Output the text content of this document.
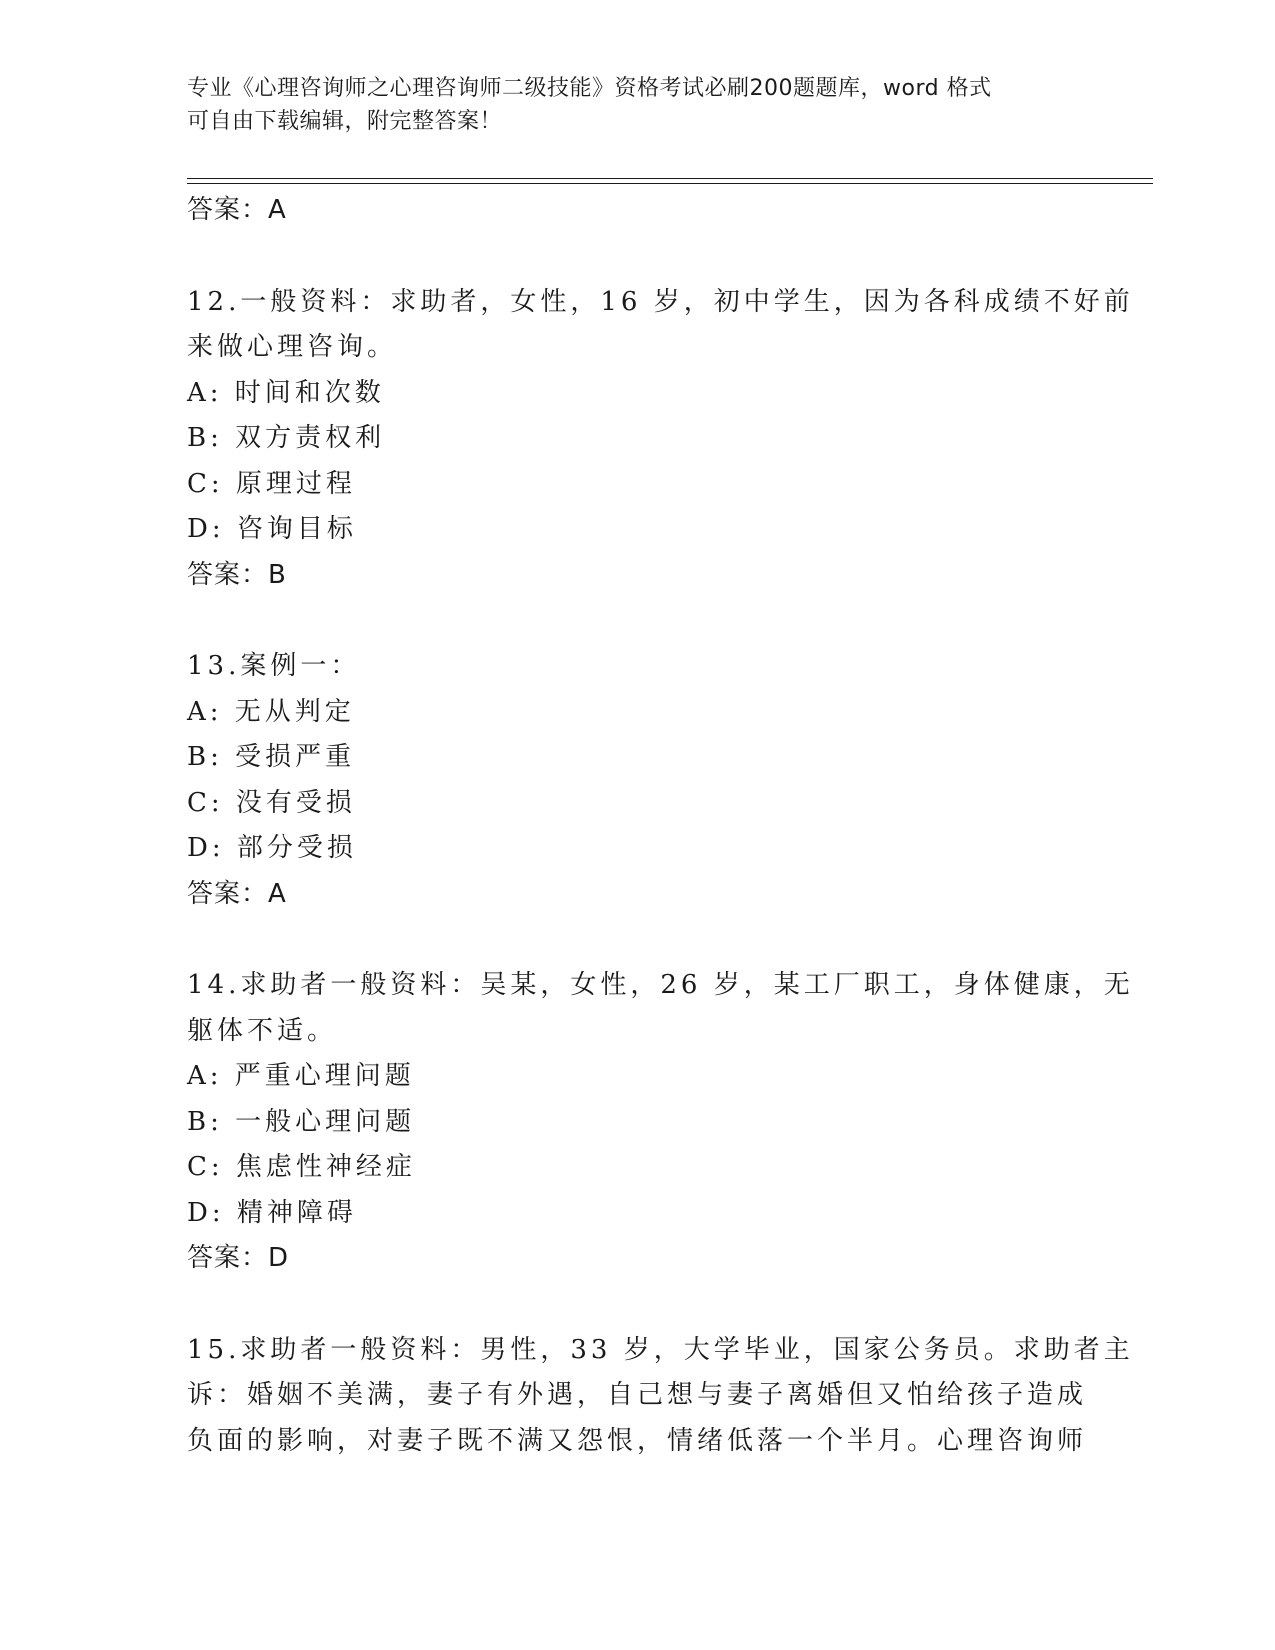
专业《心理咨询师之心理咨询师二级技能》资格考试必刷200题题库，word 格式
可自由下载编辑，附完整答案！
答案：A
12.一般资料：求助者，女性，16 岁，初中学生，因为各科成绩不好前
来做心理咨询。
A: 时间和次数
B: 双方责权利
C: 原理过程
D: 咨询目标
答案：B
13.案例一：
A: 无从判定
B: 受损严重
C: 没有受损
D: 部分受损
答案：A
14.求助者一般资料：吴某，女性，26 岁，某工厂职工，身体健康，无
躯体不适。
A: 严重心理问题
B: 一般心理问题
C: 焦虑性神经症
D: 精神障碍
答案：D
15.求助者一般资料：男性，33 岁，大学毕业，国家公务员。求助者主
诉：婚姻不美满，妻子有外遇，自己想与妻子离婚但又怕给孩子造成
负面的影响，对妻子既不满又怨恨，情绪低落一个半月。心理咨询师
